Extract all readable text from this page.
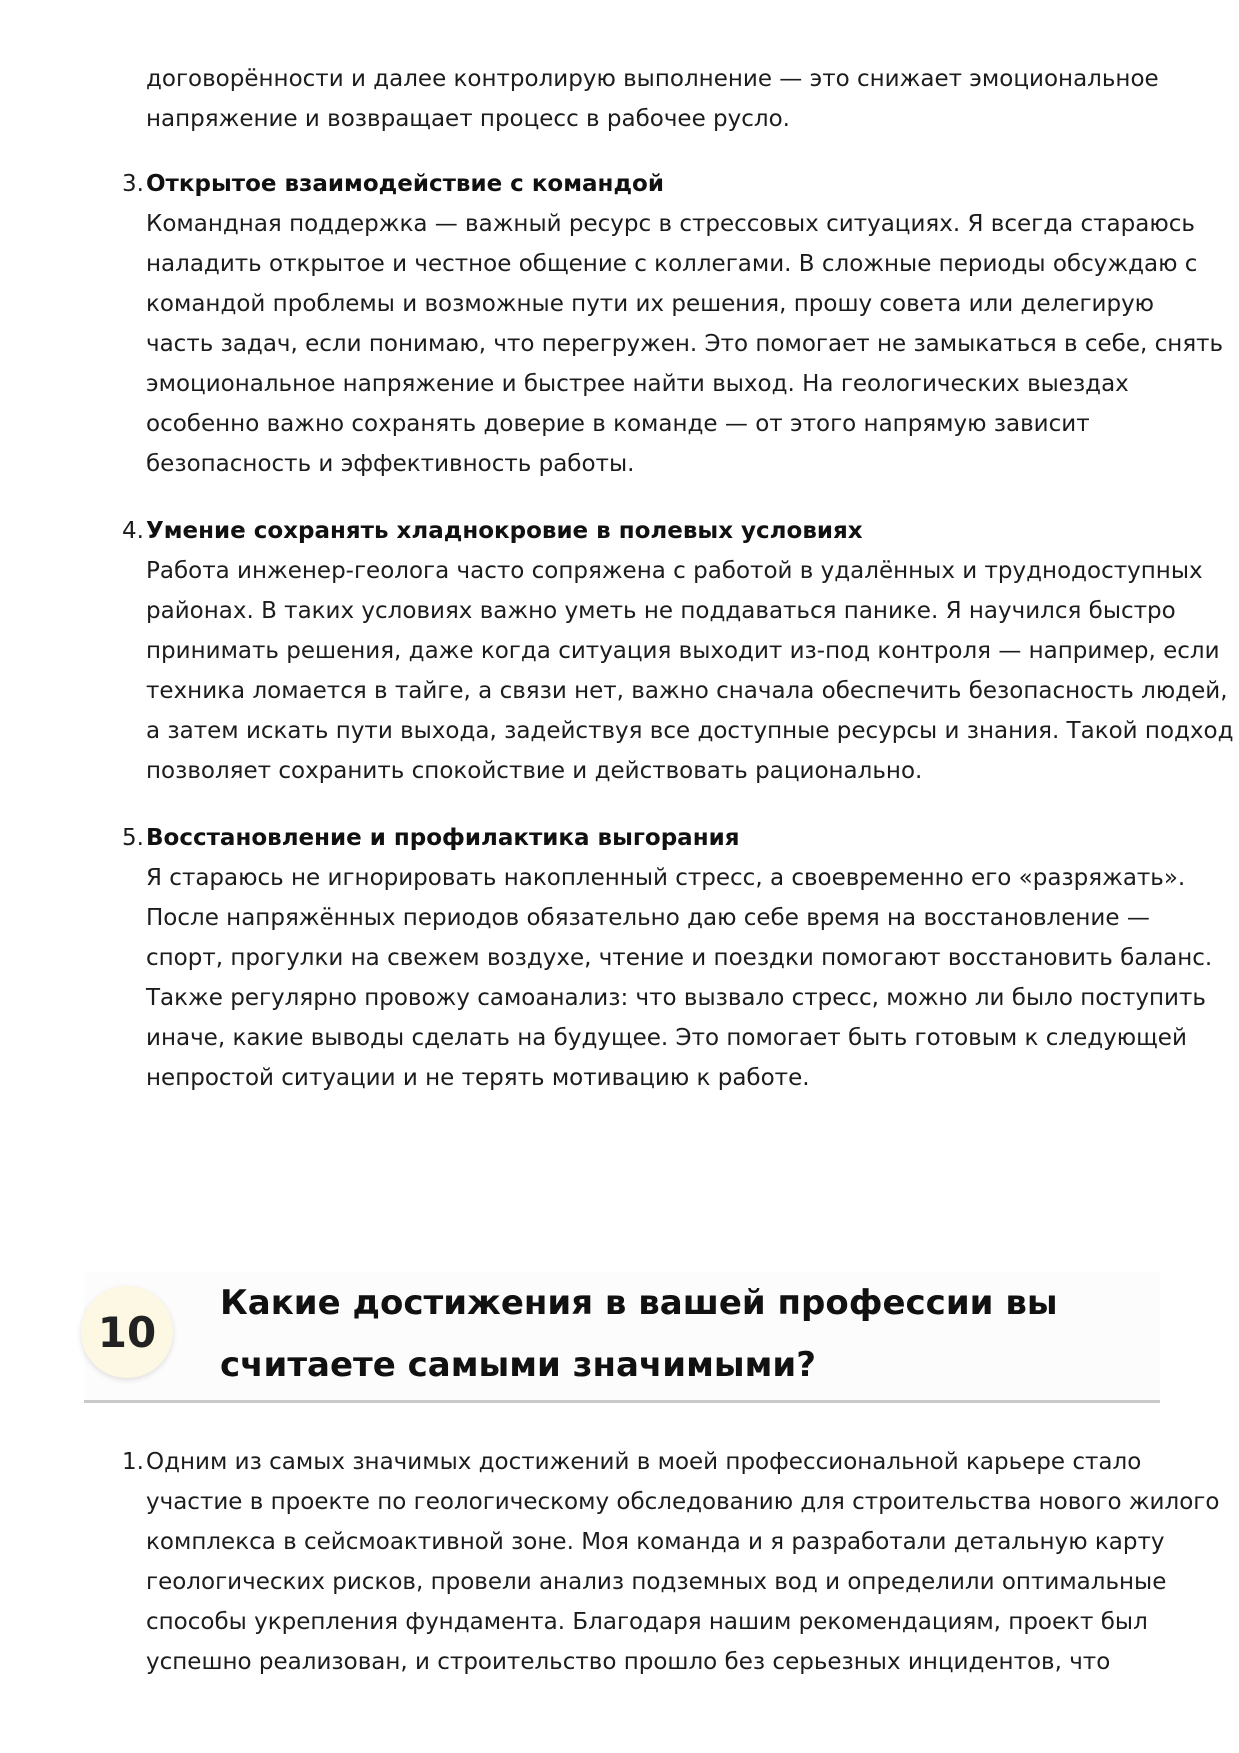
договорённости и далее контролирую выполнение — это снижает эмоциональное
напряжение и возвращает процесс в рабочее русло.
3. Открытое взаимодействие с командой
Командная поддержка — важный ресурс в стрессовых ситуациях. Я всегда стараюсь
наладить открытое и честное общение с коллегами. В сложные периоды обсуждаю с
командой проблемы и возможные пути их решения, прошу совета или делегирую
часть задач, если понимаю, что перегружен. Это помогает не замыкаться в себе, снять
эмоциональное напряжение и быстрее найти выход. На геологических выездах
особенно важно сохранять доверие в команде — от этого напрямую зависит
безопасность и эффективность работы.
4. Умение сохранять хладнокровие в полевых условиях
Работа инженер-геолога часто сопряжена с работой в удалённых и труднодоступных
районах. В таких условиях важно уметь не поддаваться панике. Я научился быстро
принимать решения, даже когда ситуация выходит из-под контроля — например, если
техника ломается в тайге, а связи нет, важно сначала обеспечить безопасность людей,
а затем искать пути выхода, задействуя все доступные ресурсы и знания. Такой подход
позволяет сохранить спокойствие и действовать рационально.
5. Восстановление и профилактика выгорания
Я стараюсь не игнорировать накопленный стресс, а своевременно его «разряжать».
После напряжённых периодов обязательно даю себе время на восстановление —
спорт, прогулки на свежем воздухе, чтение и поездки помогают восстановить баланс.
Также регулярно провожу самоанализ: что вызвало стресс, можно ли было поступить
иначе, какие выводы сделать на будущее. Это помогает быть готовым к следующей
непростой ситуации и не терять мотивацию к работе.
10
Какие достижения в вашей профессии вы
считаете самыми значимыми?
1. Одним из самых значимых достижений в моей профессиональной карьере стало
участие в проекте по геологическому обследованию для строительства нового жилого
комплекса в сейсмоактивной зоне. Моя команда и я разработали детальную карту
геологических рисков, провели анализ подземных вод и определили оптимальные
способы укрепления фундамента. Благодаря нашим рекомендациям, проект был
успешно реализован, и строительство прошло без серьезных инцидентов, что
